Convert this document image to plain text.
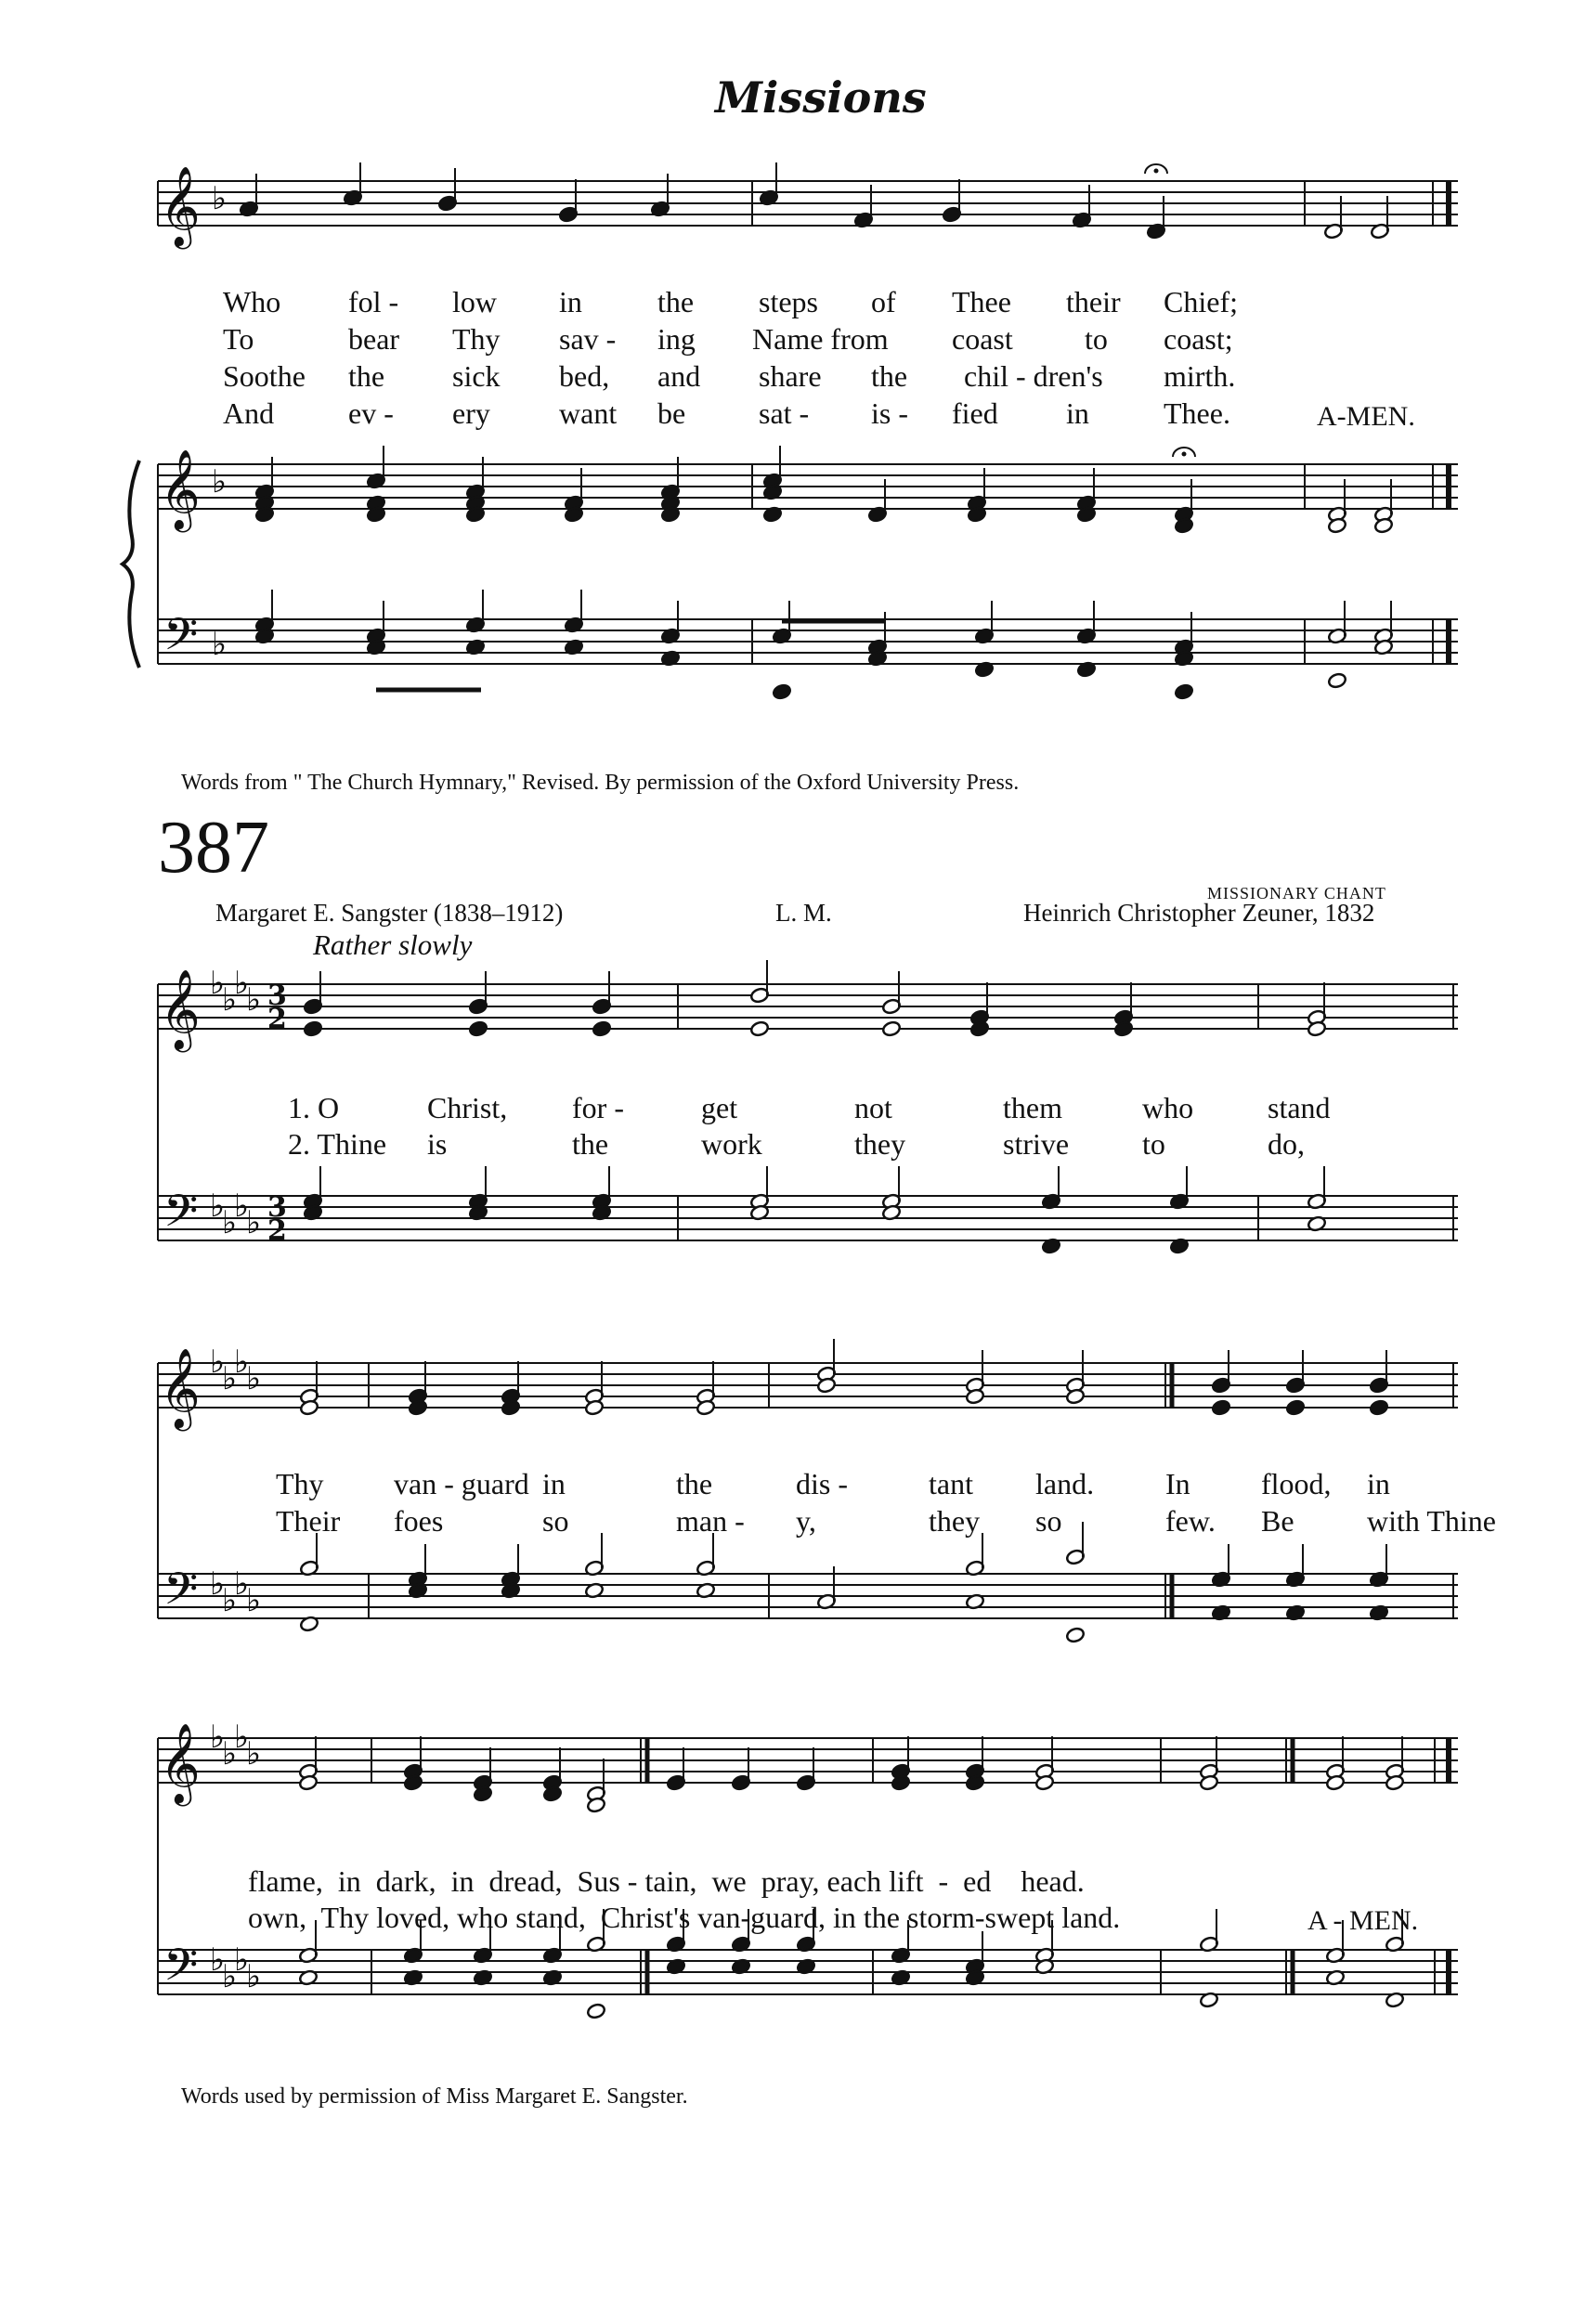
𝄞 ♭
𝄞
𝄢
♭
♭
𝄞
𝄢
♭
♭
♭
♭
♭
♭
♭
♭
3
2
3
2
𝄞
𝄢
♭
♭
♭
♭
♭
♭
♭
♭
𝄞
𝄢
♭
♭
♭
♭
♭
♭
♭
♭
Missions
Who fol - low in	the steps of Thee their Chief;
To	bear Thy sav - ing Name from coast to coast;
Soothe the sick bed, and share the chil - dren's mirth.
And ev - ery want be sat - is - fied in	Thee.	A-MEN.
Words from " The Church Hymnary," Revised. By permission of the Oxford University Press.
387
MISSIONARY CHANT
Margaret E. Sangster (1838–1912)	L. M.	Heinrich Christopher Zeuner, 1832
Rather slowly
1. O	Christ, for -	get	not	them	who stand
2. Thine is	the	work	they	strive to	do,
Thy van - guard in	the	dis -	tant land. In flood, in
Their foes	so	man - y,	they so	few. Be with Thine
flame,  in  dark,  in  dread,  Sus - tain,  we  pray, each lift  -  ed    head.
own,  Thy loved, who stand,  Christ's van-guard, in the storm-swept land.	A - MEN.
Words used by permission of Miss Margaret E. Sangster.
